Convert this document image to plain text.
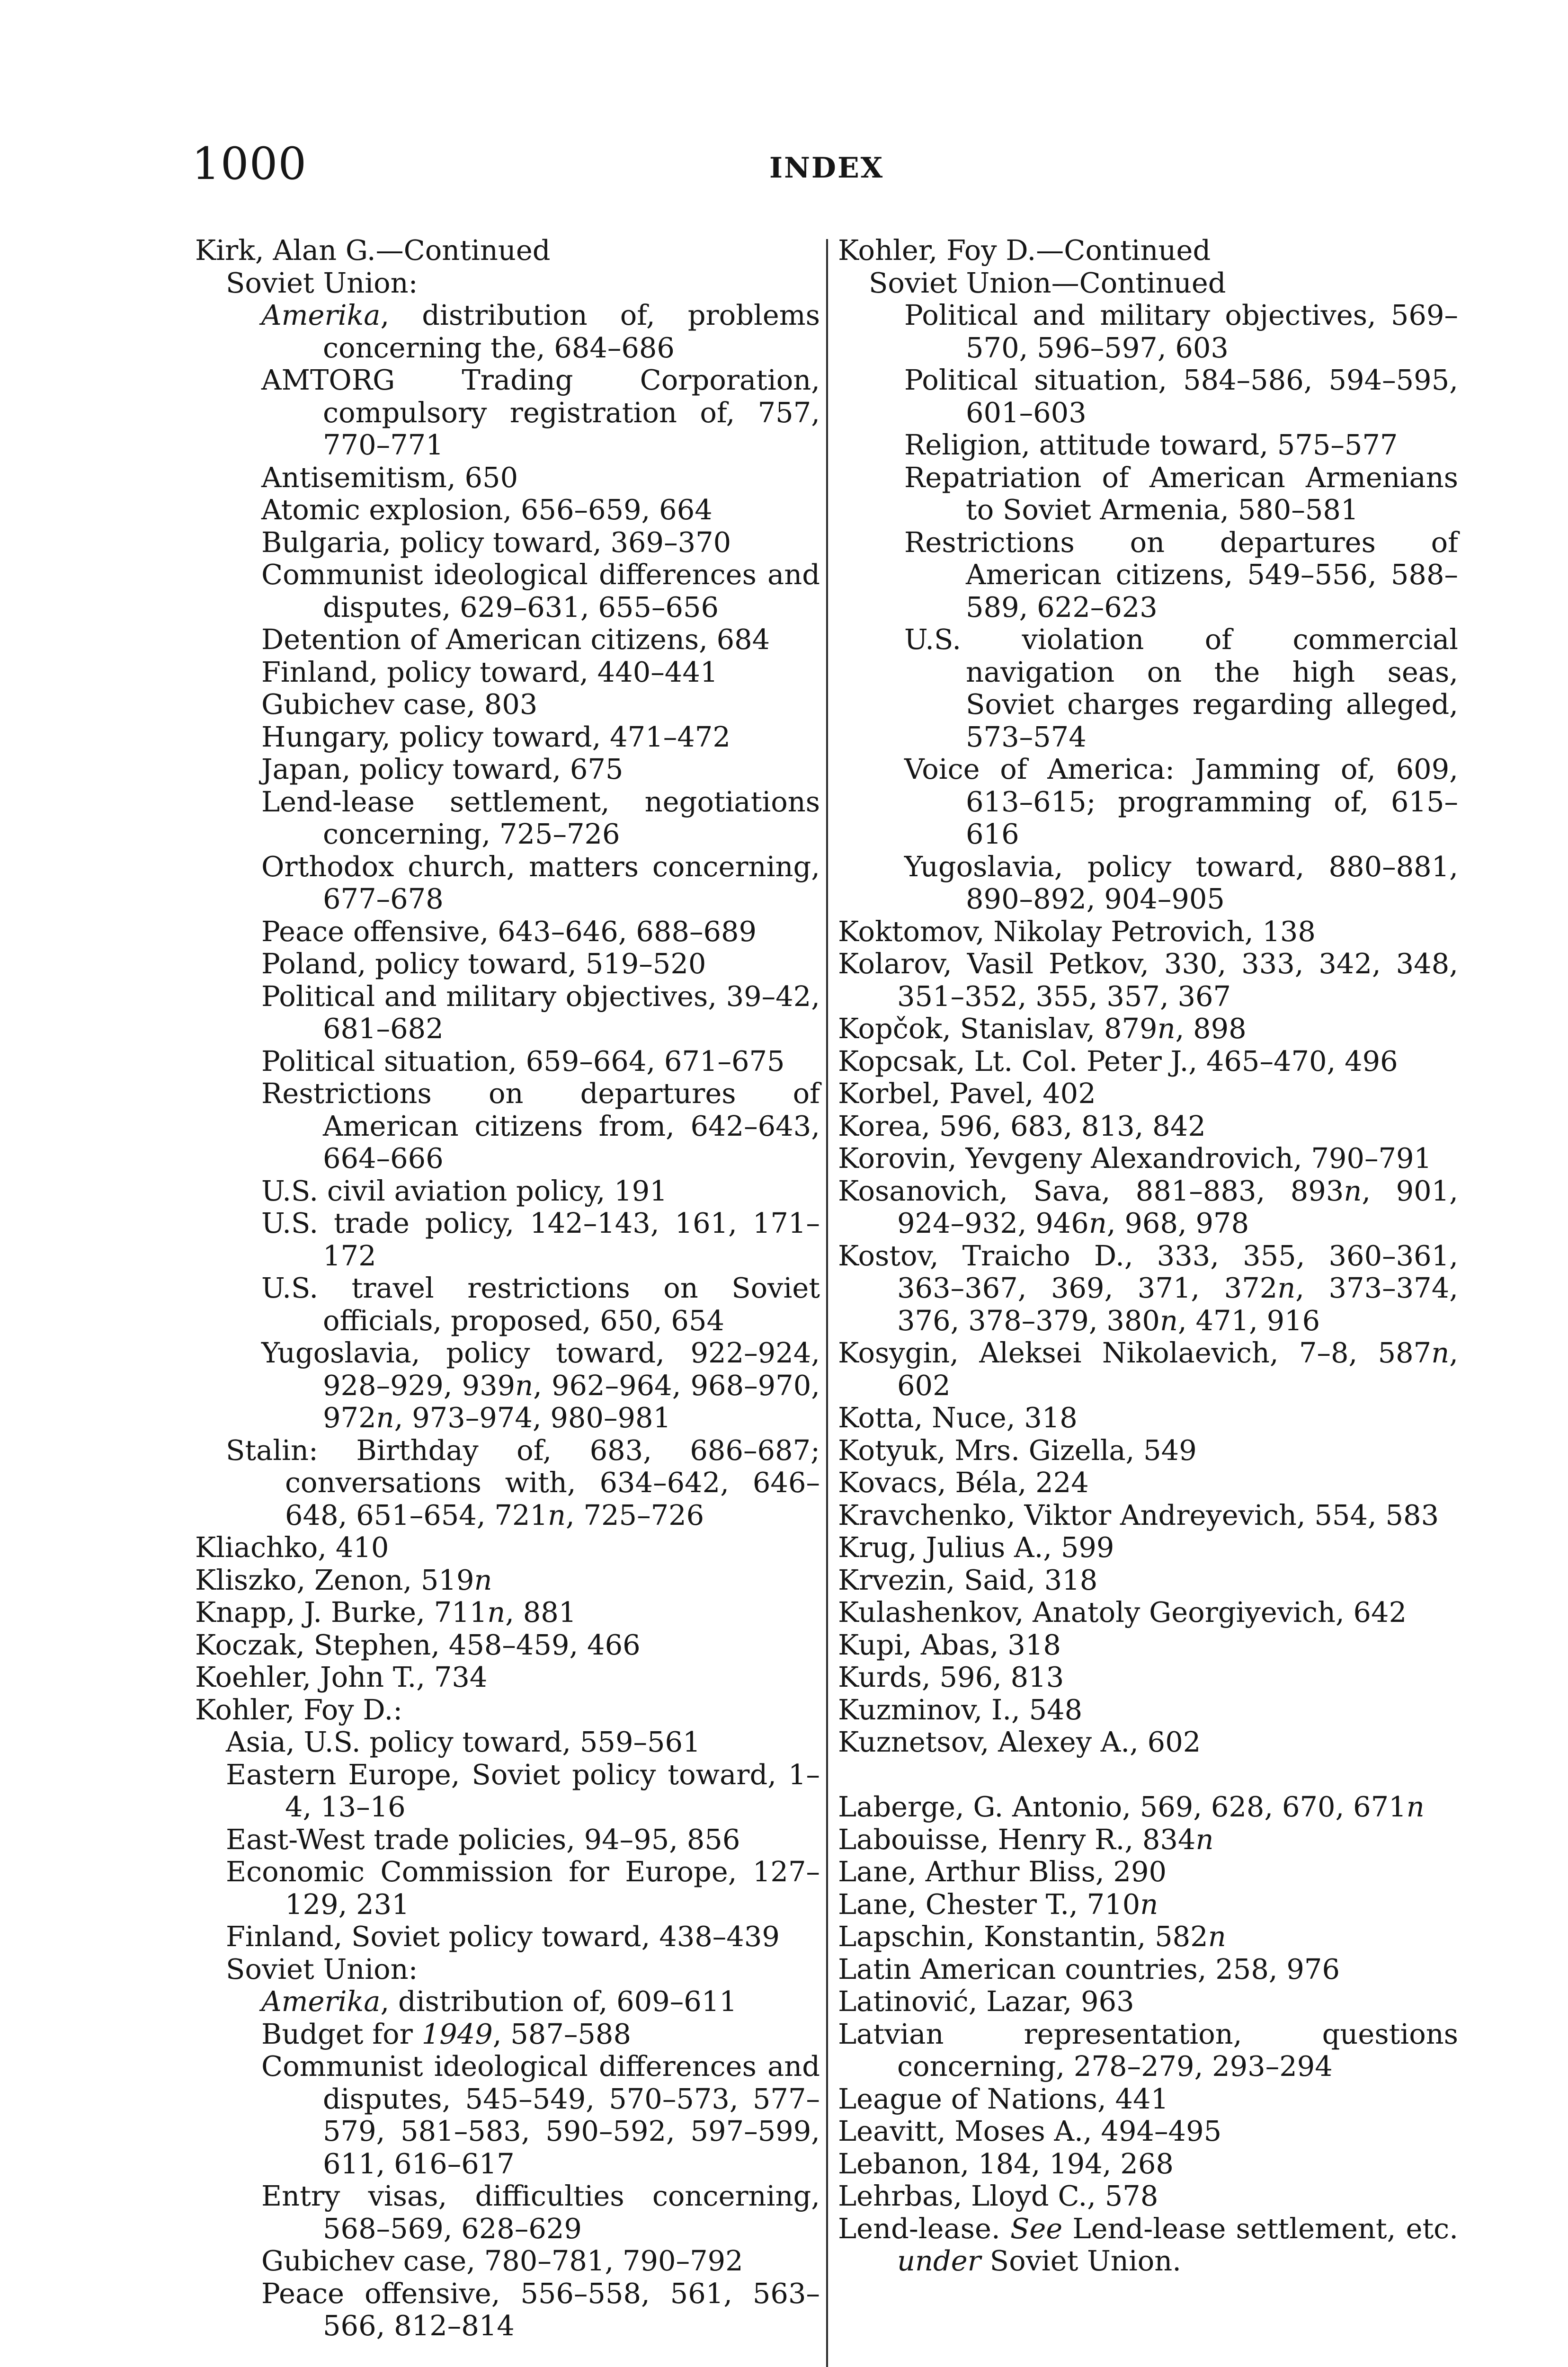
1000	INDEX

Kirk, Alan G.—Continued

Soviet Union:

Amerika, distribution of, problems concerning the, 684–686

AMTORG Trading Corporation, compulsory registration of, 757, 770–771

Antisemitism, 650

Atomic explosion, 656–659, 664

Bulgaria, policy toward, 369–370

Communist ideological differences and disputes, 629–631, 655–656

Detention of American citizens, 684

Finland, policy toward, 440–441

Gubichev case, 803

Hungary, policy toward, 471–472

Japan, policy toward, 675

Lend-lease settlement, negotiations concerning, 725–726

Orthodox church, matters concerning, 677–678

Peace offensive, 643–646, 688–689

Poland, policy toward, 519–520

Political and military objectives, 39–42, 681–682

Political situation, 659–664, 671–675

Restrictions on departures of American citizens from, 642–643, 664–666

U.S. civil aviation policy, 191

U.S. trade policy, 142–143, 161, 171–172

U.S. travel restrictions on Soviet officials, proposed, 650, 654

Yugoslavia, policy toward, 922–924, 928–929, 939n, 962–964, 968–970, 972n, 973–974, 980–981

Stalin: Birthday of, 683, 686–687; conversations with, 634–642, 646–648, 651–654, 721n, 725–726

Kliachko, 410

Kliszko, Zenon, 519n

Knapp, J. Burke, 711n, 881

Koczak, Stephen, 458–459, 466

Koehler, John T., 734

Kohler, Foy D.:

Asia, U.S. policy toward, 559–561

Eastern Europe, Soviet policy toward, 1–4, 13–16

East-West trade policies, 94–95, 856

Economic Commission for Europe, 127–129, 231

Finland, Soviet policy toward, 438–439

Soviet Union:

Amerika, distribution of, 609–611

Budget for 1949, 587–588

Communist ideological differences and disputes, 545–549, 570–573, 577–579, 581–583, 590–592, 597–599, 611, 616–617

Entry visas, difficulties concerning, 568–569, 628–629

Gubichev case, 780–781, 790–792

Peace offensive, 556–558, 561, 563–566, 812–814

Kohler, Foy D.—Continued

Soviet Union—Continued

Political and military objectives, 569–570, 596–597, 603

Political situation, 584–586, 594–595, 601–603

Religion, attitude toward, 575–577

Repatriation of American Armenians to Soviet Armenia, 580–581

Restrictions on departures of American citizens, 549–556, 588–589, 622–623

U.S. violation of commercial navigation on the high seas, Soviet charges regarding alleged, 573–574

Voice of America: Jamming of, 609, 613–615; programming of, 615–616

Yugoslavia, policy toward, 880–881, 890–892, 904–905

Koktomov, Nikolay Petrovich, 138

Kolarov, Vasil Petkov, 330, 333, 342, 348, 351–352, 355, 357, 367

Kopčok, Stanislav, 879n, 898

Kopcsak, Lt. Col. Peter J., 465–470, 496

Korbel, Pavel, 402

Korea, 596, 683, 813, 842

Korovin, Yevgeny Alexandrovich, 790–791

Kosanovich, Sava, 881–883, 893n, 901, 924–932, 946n, 968, 978

Kostov, Traicho D., 333, 355, 360–361, 363–367, 369, 371, 372n, 373–374, 376, 378–379, 380n, 471, 916

Kosygin, Aleksei Nikolaevich, 7–8, 587n, 602

Kotta, Nuce, 318

Kotyuk, Mrs. Gizella, 549

Kovacs, Béla, 224

Kravchenko, Viktor Andreyevich, 554, 583

Krug, Julius A., 599

Krvezin, Said, 318

Kulashenkov, Anatoly Georgiyevich, 642

Kupi, Abas, 318

Kurds, 596, 813

Kuzminov, I., 548

Kuznetsov, Alexey A., 602

Laberge, G. Antonio, 569, 628, 670, 671n

Labouisse, Henry R., 834n

Lane, Arthur Bliss, 290

Lane, Chester T., 710n

Lapschin, Konstantin, 582n

Latin American countries, 258, 976

Latinović, Lazar, 963

Latvian representation, questions concerning, 278–279, 293–294

League of Nations, 441

Leavitt, Moses A., 494–495

Lebanon, 184, 194, 268

Lehrbas, Lloyd C., 578

Lend-lease. See Lend-lease settlement, etc. under Soviet Union.
